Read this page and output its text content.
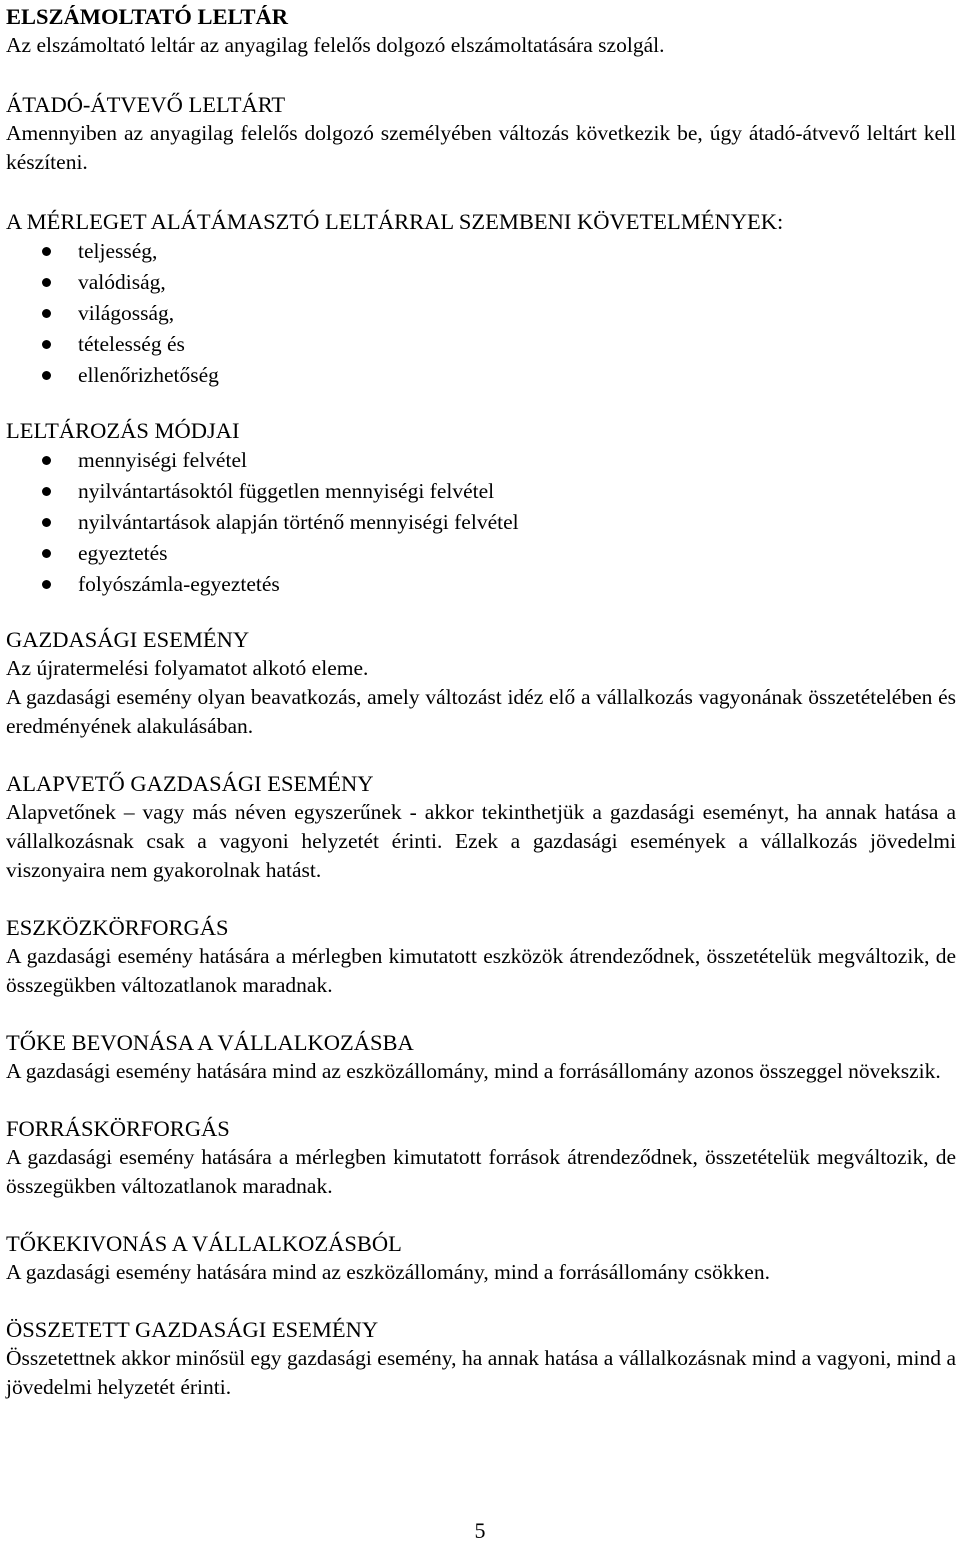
ELSZÁMOLTATÓ LELTÁR

Az elszámoltató leltár az anyagilag felelős dolgozó elszámoltatására szolgál.

ÁTADÓ-ÁTVEVŐ LELTÁRT

Amennyiben az anyagilag felelős dolgozó személyében változás következik be, úgy átadó-átvevő leltárt kell készíteni.

A MÉRLEGET ALÁTÁMASZTÓ LELTÁRRAL SZEMBENI KÖVETELMÉNYEK:
teljesség,
valódiság,
világosság,
tételesség és
ellenőrizhetőség
LELTÁROZÁS MÓDJAI
mennyiségi felvétel
nyilvántartásoktól független mennyiségi felvétel
nyilvántartások alapján történő mennyiségi felvétel
egyeztetés
folyószámla-egyeztetés
GAZDASÁGI ESEMÉNY

Az újratermelési folyamatot alkotó eleme.

A gazdasági esemény olyan beavatkozás, amely változást idéz elő a vállalkozás vagyonának összetételében és eredményének alakulásában.

ALAPVETŐ GAZDASÁGI ESEMÉNY

Alapvetőnek – vagy más néven egyszerűnek - akkor tekinthetjük a gazdasági eseményt, ha annak hatása a vállalkozásnak csak a vagyoni helyzetét érinti. Ezek a gazdasági események a vállalkozás jövedelmi viszonyaira nem gyakorolnak hatást.

ESZKÖZKÖRFORGÁS

A gazdasági esemény hatására a mérlegben kimutatott eszközök átrendeződnek, összetételük megváltozik, de összegükben változatlanok maradnak.

TŐKE BEVONÁSA A VÁLLALKOZÁSBA

A gazdasági esemény hatására mind az eszközállomány, mind a forrásállomány azonos összeggel növekszik.

FORRÁSKÖRFORGÁS

A gazdasági esemény hatására a mérlegben kimutatott források átrendeződnek, összetételük megváltozik, de összegükben változatlanok maradnak.

TŐKEKIVONÁS A VÁLLALKOZÁSBÓL

A gazdasági esemény hatására mind az eszközállomány, mind a forrásállomány csökken.

ÖSSZETETT GAZDASÁGI ESEMÉNY

Összetettnek akkor minősül egy gazdasági esemény, ha annak hatása a vállalkozásnak mind a vagyoni, mind a jövedelmi helyzetét érinti.

5
